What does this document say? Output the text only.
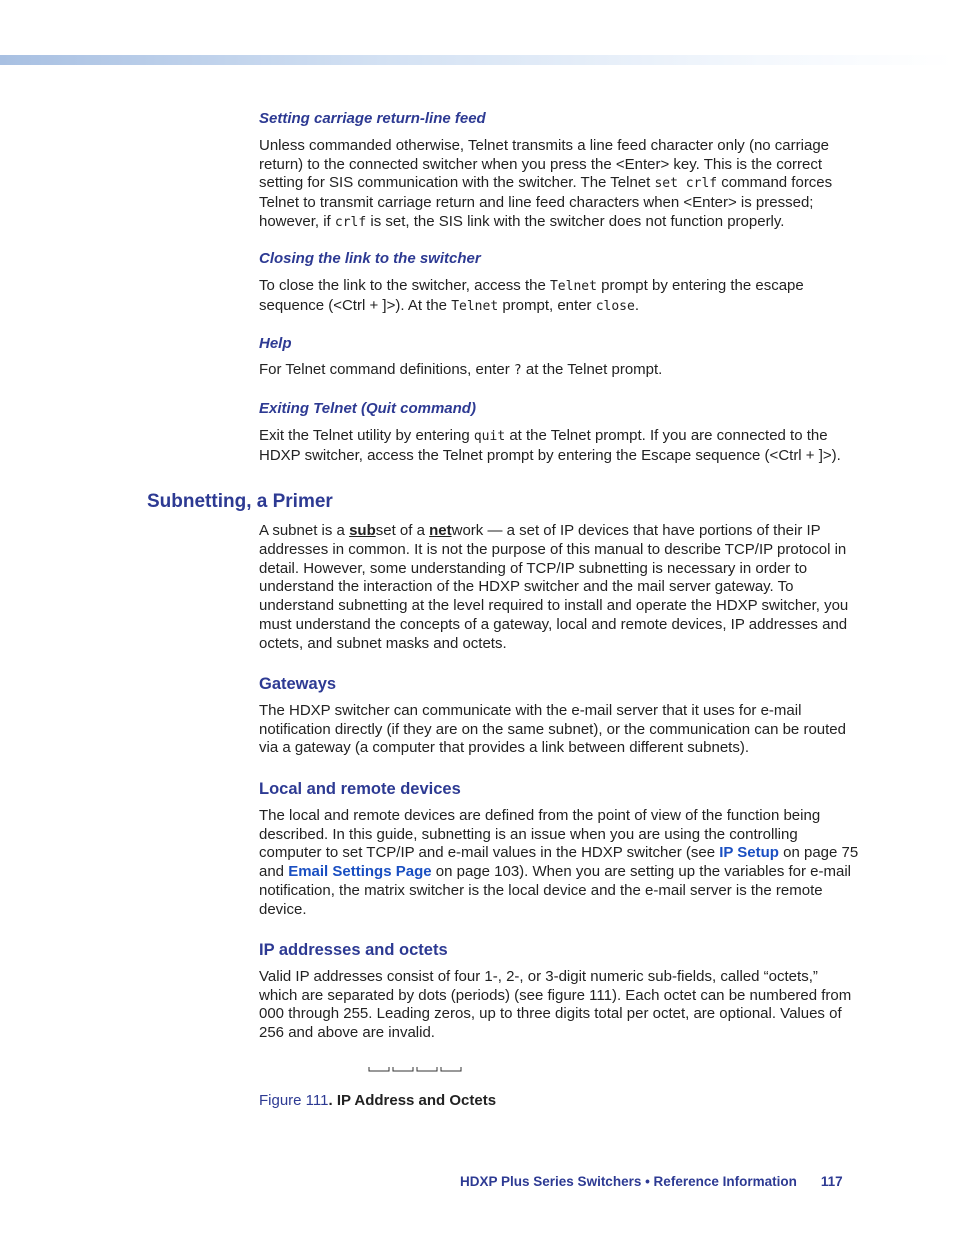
Setting carriage return-line feed

Unless commanded otherwise, Telnet transmits a line feed character only (no carriage return) to the connected switcher when you press the <Enter> key. This is the correct setting for SIS communication with the switcher. The Telnet set crlf command forces Telnet to transmit carriage return and line feed characters when <Enter> is pressed; however, if crlf is set, the SIS link with the switcher does not function properly.

Closing the link to the switcher

To close the link to the switcher, access the Telnet prompt by entering the escape sequence (<Ctrl + ]>). At the Telnet prompt, enter close.

Help

For Telnet command definitions, enter ? at the Telnet prompt.

Exiting Telnet (Quit command)

Exit the Telnet utility by entering quit at the Telnet prompt. If you are connected to the HDXP switcher, access the Telnet prompt by entering the Escape sequence (<Ctrl + ]>).

Subnetting, a Primer

A subnet is a subset of a network — a set of IP devices that have portions of their IP addresses in common. It is not the purpose of this manual to describe TCP/IP protocol in detail. However, some understanding of TCP/IP subnetting is necessary in order to understand the interaction of the HDXP switcher and the mail server gateway. To understand subnetting at the level required to install and operate the HDXP switcher, you must understand the concepts of a gateway, local and remote devices, IP addresses and octets, and subnet masks and octets.

Gateways

The HDXP switcher can communicate with the e-mail server that it uses for e-mail notification directly (if they are on the same subnet), or the communication can be routed via a gateway (a computer that provides a link between different subnets).

Local and remote devices

The local and remote devices are defined from the point of view of the function being described. In this guide, subnetting is an issue when you are using the controlling computer to set TCP/IP and e-mail values in the HDXP switcher (see IP Setup on page 75 and Email Settings Page on page 103). When you are setting up the variables for e-mail notification, the matrix switcher is the local device and the e-mail server is the remote device.

IP addresses and octets

Valid IP addresses consist of four 1-, 2-, or 3-digit numeric sub-fields, called “octets,” which are separated by dots (periods) (see figure 111). Each octet can be numbered from 000 through 255. Leading zeros, up to three digits total per octet, are optional. Values of 256 and above are invalid.

Figure 111. IP Address and Octets
HDXP Plus Series Switchers • Reference Information 117
